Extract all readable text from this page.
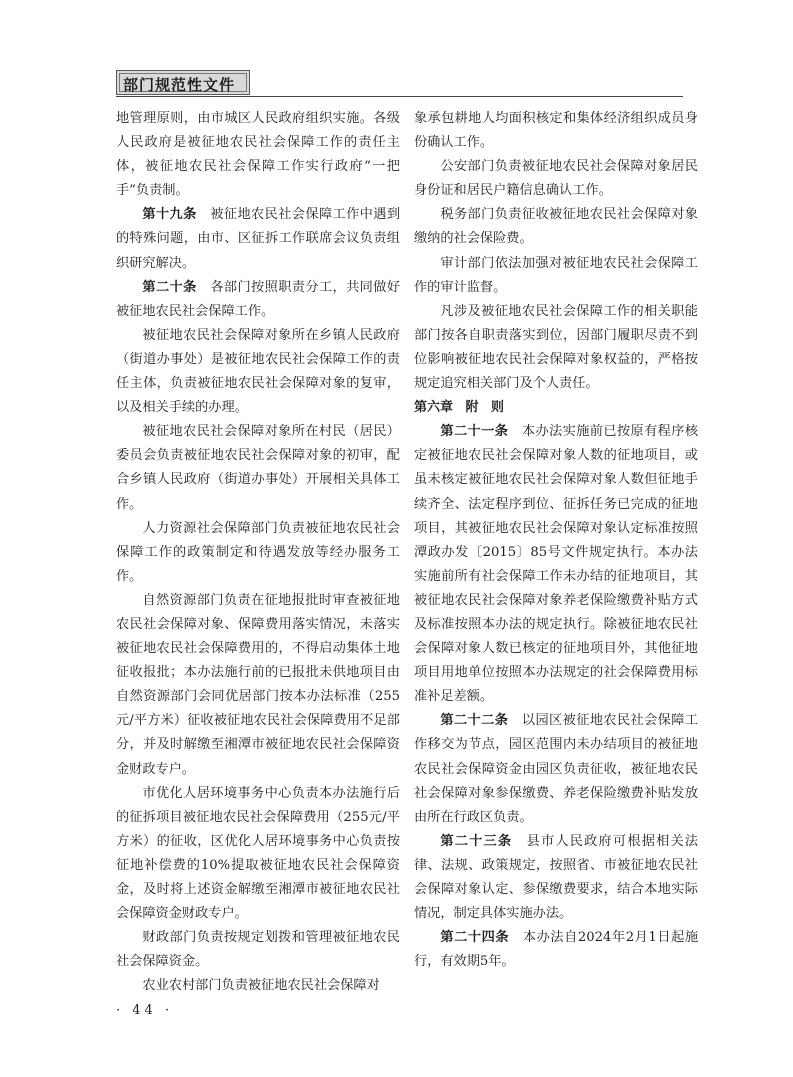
部门规范性文件

地管理原则，由市城区人民政府组织实施。各级人民政府是被征地农民社会保障工作的责任主体，被征地农民社会保障工作实行政府“一把手”负责制。

第十九条　 被征地农民社会保障工作中遇到的特殊问题，由市、区征拆工作联席会议负责组织研究解决。

第二十条　 各部门按照职责分工，共同做好被征地农民社会保障工作。

被征地农民社会保障对象所在乡镇人民政府（街道办事处）是被征地农民社会保障工作的责任主体，负责被征地农民社会保障对象的复审，以及相关手续的办理。

被征地农民社会保障对象所在村民（居民）委员会负责被征地农民社会保障对象的初审，配合乡镇人民政府（街道办事处）开展相关具体工作。

人力资源社会保障部门负责被征地农民社会保障工作的政策制定和待遇发放等经办服务工作。

自然资源部门负责在征地报批时审查被征地农民社会保障对象、保障费用落实情况，未落实被征地农民社会保障费用的，不得启动集体土地征收报批；本办法施行前的已报批未供地项目由自然资源部门会同优居部门按本办法标准（255元/平方米）征收被征地农民社会保障费用不足部分，并及时解缴至湘潭市被征地农民社会保障资金财政专户。

市优化人居环境事务中心负责本办法施行后的征拆项目被征地农民社会保障费用（255元/平方米）的征收，区优化人居环境事务中心负责按征地补偿费的10%提取被征地农民社会保障资金，及时将上述资金解缴至湘潭市被征地农民社会保障资金财政专户。

财政部门负责按规定划拨和管理被征地农民社会保障资金。

农业农村部门负责被征地农民社会保障对

象承包耕地人均面积核定和集体经济组织成员身份确认工作。

公安部门负责被征地农民社会保障对象居民身份证和居民户籍信息确认工作。

税务部门负责征收被征地农民社会保障对象缴纳的社会保险费。

审计部门依法加强对被征地农民社会保障工作的审计监督。

凡涉及被征地农民社会保障工作的相关职能部门按各自职责落实到位，因部门履职尽责不到位影响被征地农民社会保障对象权益的，严格按规定追究相关部门及个人责任。

第六章 附 则

第二十一条　 本办法实施前已按原有程序核定被征地农民社会保障对象人数的征地项目，或虽未核定被征地农民社会保障对象人数但征地手续齐全、法定程序到位、征拆任务已完成的征地项目，其被征地农民社会保障对象认定标准按照潭政办发〔2015〕85号文件规定执行。本办法实施前所有社会保障工作未办结的征地项目，其被征地农民社会保障对象养老保险缴费补贴方式及标准按照本办法的规定执行。除被征地农民社会保障对象人数已核定的征地项目外，其他征地项目用地单位按照本办法规定的社会保障费用标准补足差额。

第二十二条　 以园区被征地农民社会保障工作移交为节点，园区范围内未办结项目的被征地农民社会保障资金由园区负责征收，被征地农民社会保障对象参保缴费、养老保险缴费补贴发放由所在行政区负责。

第二十三条　 县市人民政府可根据相关法律、法规、政策规定，按照省、市被征地农民社会保障对象认定、参保缴费要求，结合本地实际情况，制定具体实施办法。

第二十四条　 本办法自2024年2月1日起施行，有效期5年。

· 44 ·
